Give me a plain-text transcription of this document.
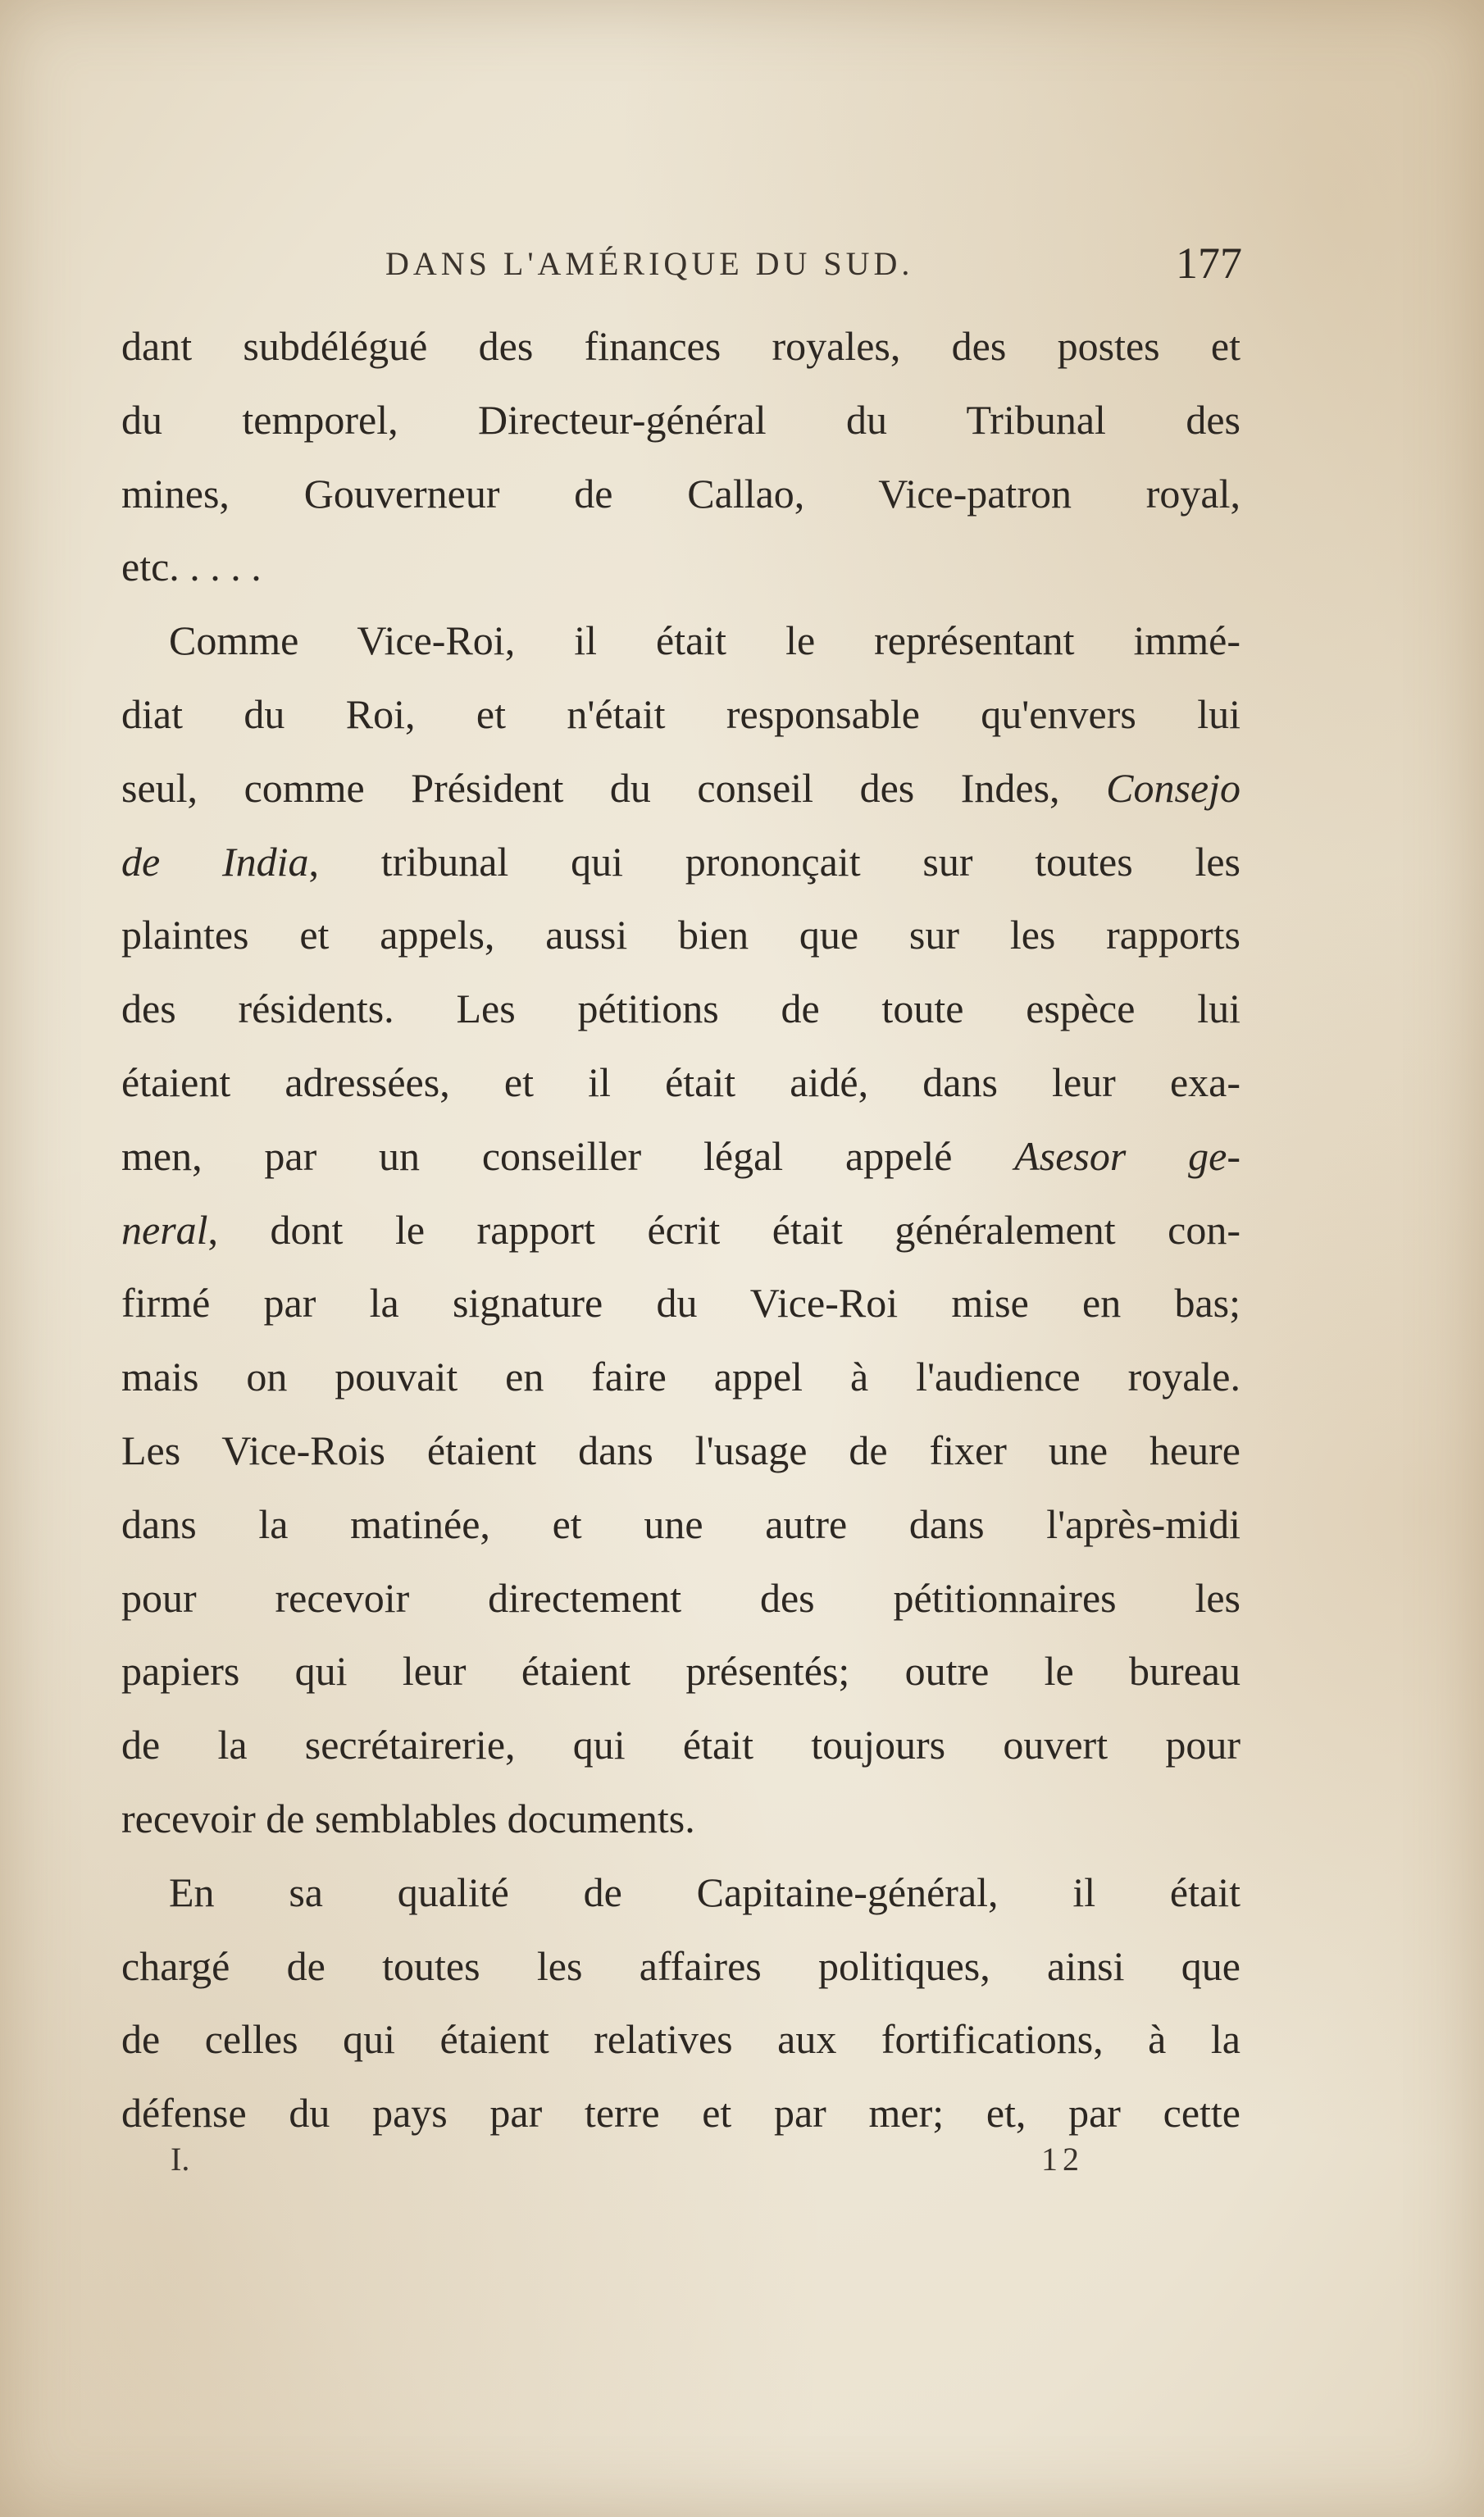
DANS L'AMÉRIQUE DU SUD.	177
dant subdélégué des finances royales, des postes et
du temporel, Directeur-général du Tribunal des
mines, Gouverneur de Callao, Vice-patron royal,
etc. . . . .
Comme Vice-Roi, il était le représentant immé-
diat du Roi, et n'était responsable qu'envers lui
seul, comme Président du conseil des Indes, Consejo
de India, tribunal qui prononçait sur toutes les
plaintes et appels, aussi bien que sur les rapports
des résidents. Les pétitions de toute espèce lui
étaient adressées, et il était aidé, dans leur exa-
men, par un conseiller légal appelé Asesor ge-
neral, dont le rapport écrit était généralement con-
firmé par la signature du Vice-Roi mise en bas;
mais on pouvait en faire appel à l'audience royale.
Les Vice-Rois étaient dans l'usage de fixer une heure
dans la matinée, et une autre dans l'après-midi
pour recevoir directement des pétitionnaires les
papiers qui leur étaient présentés; outre le bureau
de la secrétairerie, qui était toujours ouvert pour
recevoir de semblables documents.
En sa qualité de Capitaine-général, il était
chargé de toutes les affaires politiques, ainsi que
de celles qui étaient relatives aux fortifications, à la
défense du pays par terre et par mer; et, par cette
I.	12
